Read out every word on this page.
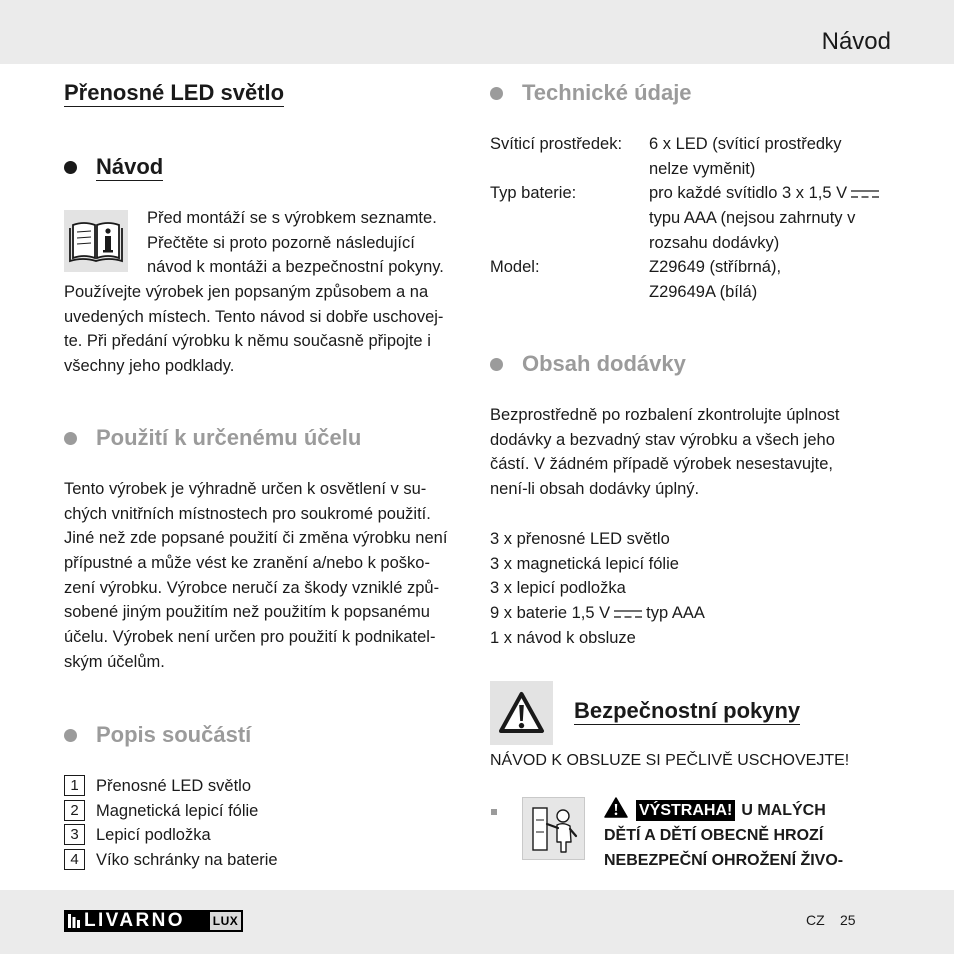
Návod
Přenosné LED světlo
Návod
Před montáží se s výrobkem seznamte.
Přečtěte si proto pozorně následující
návod k montáži a bezpečnostní pokyny.
Používejte výrobek jen popsaným způsobem a na
uvedených místech. Tento návod si dobře uschovej-
te. Při předání výrobku k němu současně připojte i
všechny jeho podklady.
Použití k určenému účelu
Tento výrobek je výhradně určen k osvětlení v su-
chých vnitřních místnostech pro soukromé použití.
Jiné než zde popsané použití či změna výrobku není
přípustné a může vést ke zranění a/nebo k poško-
zení výrobku. Výrobce neručí za škody vzniklé způ-
sobené jiným použitím než použitím k popsanému
účelu. Výrobek není určen pro použití k podnikatel-
ským účelům.
Popis součástí
1	Přenosné LED světlo
2	Magnetická lepicí fólie
3	Lepicí podložka
4	Víko schránky na baterie
Technické údaje
Svíticí prostředek:	6 x LED (svíticí prostředky
nelze vyměnit)
Typ baterie:	pro každé svítidlo 3 x 1,5 V
typu AAA (nejsou zahrnuty v
rozsahu dodávky)
Model:	Z29649 (stříbrná),
Z29649A (bílá)
Obsah dodávky
Bezprostředně po rozbalení zkontrolujte úplnost
dodávky a bezvadný stav výrobku a všech jeho
částí. V žádném případě výrobek nesestavujte,
není-li obsah dodávky úplný.
3 x přenosné LED světlo
3 x magnetická lepicí fólie
3 x lepicí podložka
9 x baterie 1,5 V typ AAA
1 x návod k obsluze
Bezpečnostní pokyny
NÁVOD K OBSLUZE SI PEČLIVĚ USCHOVEJTE!
VÝSTRAHA! U MALÝCH
DĚTÍ A DĚTÍ OBECNĚ HROZÍ
NEBEZPEČNÍ OHROŽENÍ ŽIVO-
LIVARNO	LUX	CZ 25
